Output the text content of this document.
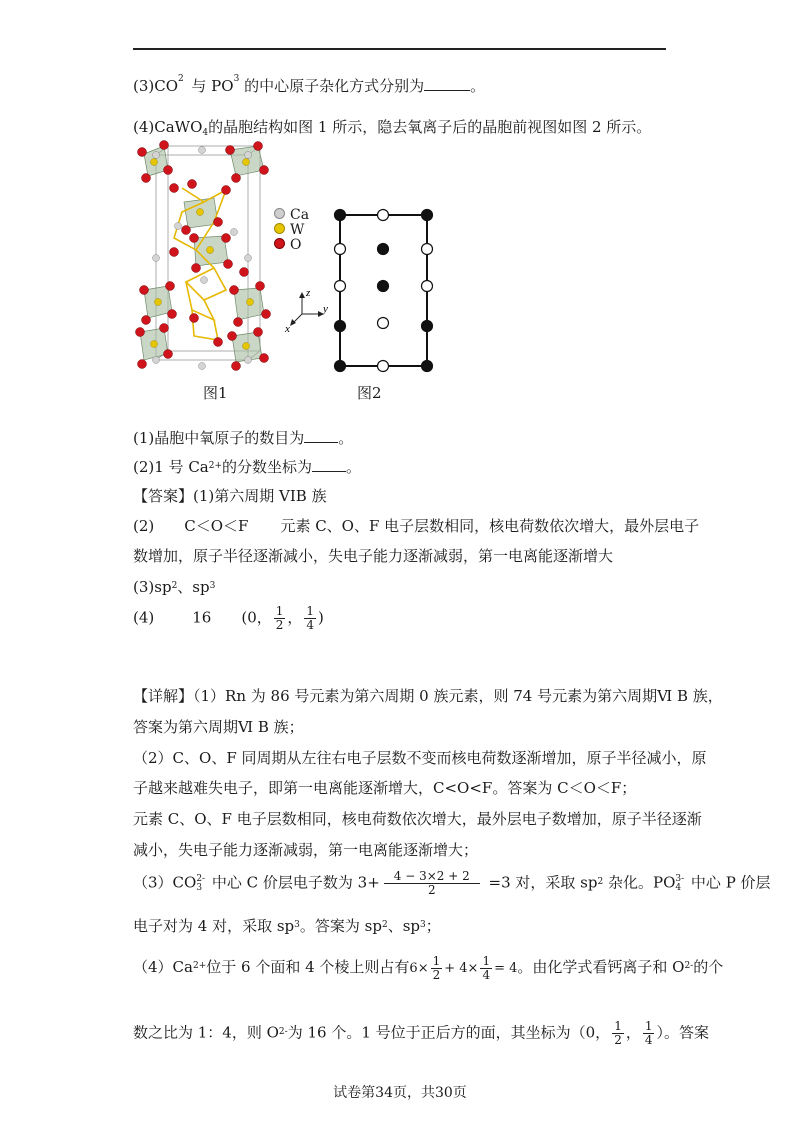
$(3)CO^2$  与 $PO^3$ 的中心原子杂化方式分别为	。
(4)CaWO$_4$的晶胞结构如图 1 所示，隐去氧离子后的晶胞前视图如图 2 所示。
Ca
W
O
z
y
x
图1	图2
(1)晶胞中氧原子的数目为 。
(2)1 号 $Ca^{2+}$的分数坐标为 。
【答案】(1)第六周期 VIB 族
(2) C＜O＜F 元素 C、O、F 电子层数相同，核电荷数依次增大，最外层电子
数增加，原子半径逐渐减小，失电子能力逐渐减弱，第一电离能逐渐增大
$(3)sp^2$、$sp^3$
(4)	16 (0， $\frac{1}{2}$ ， $\frac{1}{4}$ )
【详解】（1）Rn 为 86 号元素为第六周期 0 族元素，则 74 号元素为第六周期Ⅵ B 族，
答案为第六周期Ⅵ B 族；
（2）C、O、F 同周期从左往右电子层数不变而核电荷数逐渐增加，原子半径减小，原
子越来越难失电子，即第一电离能逐渐增大，C<O<F。答案为 C＜O＜F；
元素 C、O、F 电子层数相同，核电荷数依次增大，最外层电子数增加，原子半径逐渐
减小，失电子能力逐渐减弱，第一电离能逐渐增大；
（3）CO 2-
3 中心 C 价层电子数为 $3+ \frac{4 - 3\times 2 + 2}{2} =3$ 对，采取 $sp^2$ 杂化。PO 3-
4 中心 P 价层
电子对为 4 对，采取 $sp^3$。答案为 $sp^2$、$sp^3$；
$(4)Ca^{2+}$位于 6 个面和 4 个棱上则占有$6\times \frac{1}{2} + 4\times \frac{1}{4} = 4$。由化学式看钙离子和 $O^{2-}$的个
数之比为 1：4，则 $O^{2-}$为 16 个。1 号位于正后方的面，其坐标为（0， $\frac{1}{2}$ ， $\frac{1}{4}$ ）。答案
试卷第34页，共30页
